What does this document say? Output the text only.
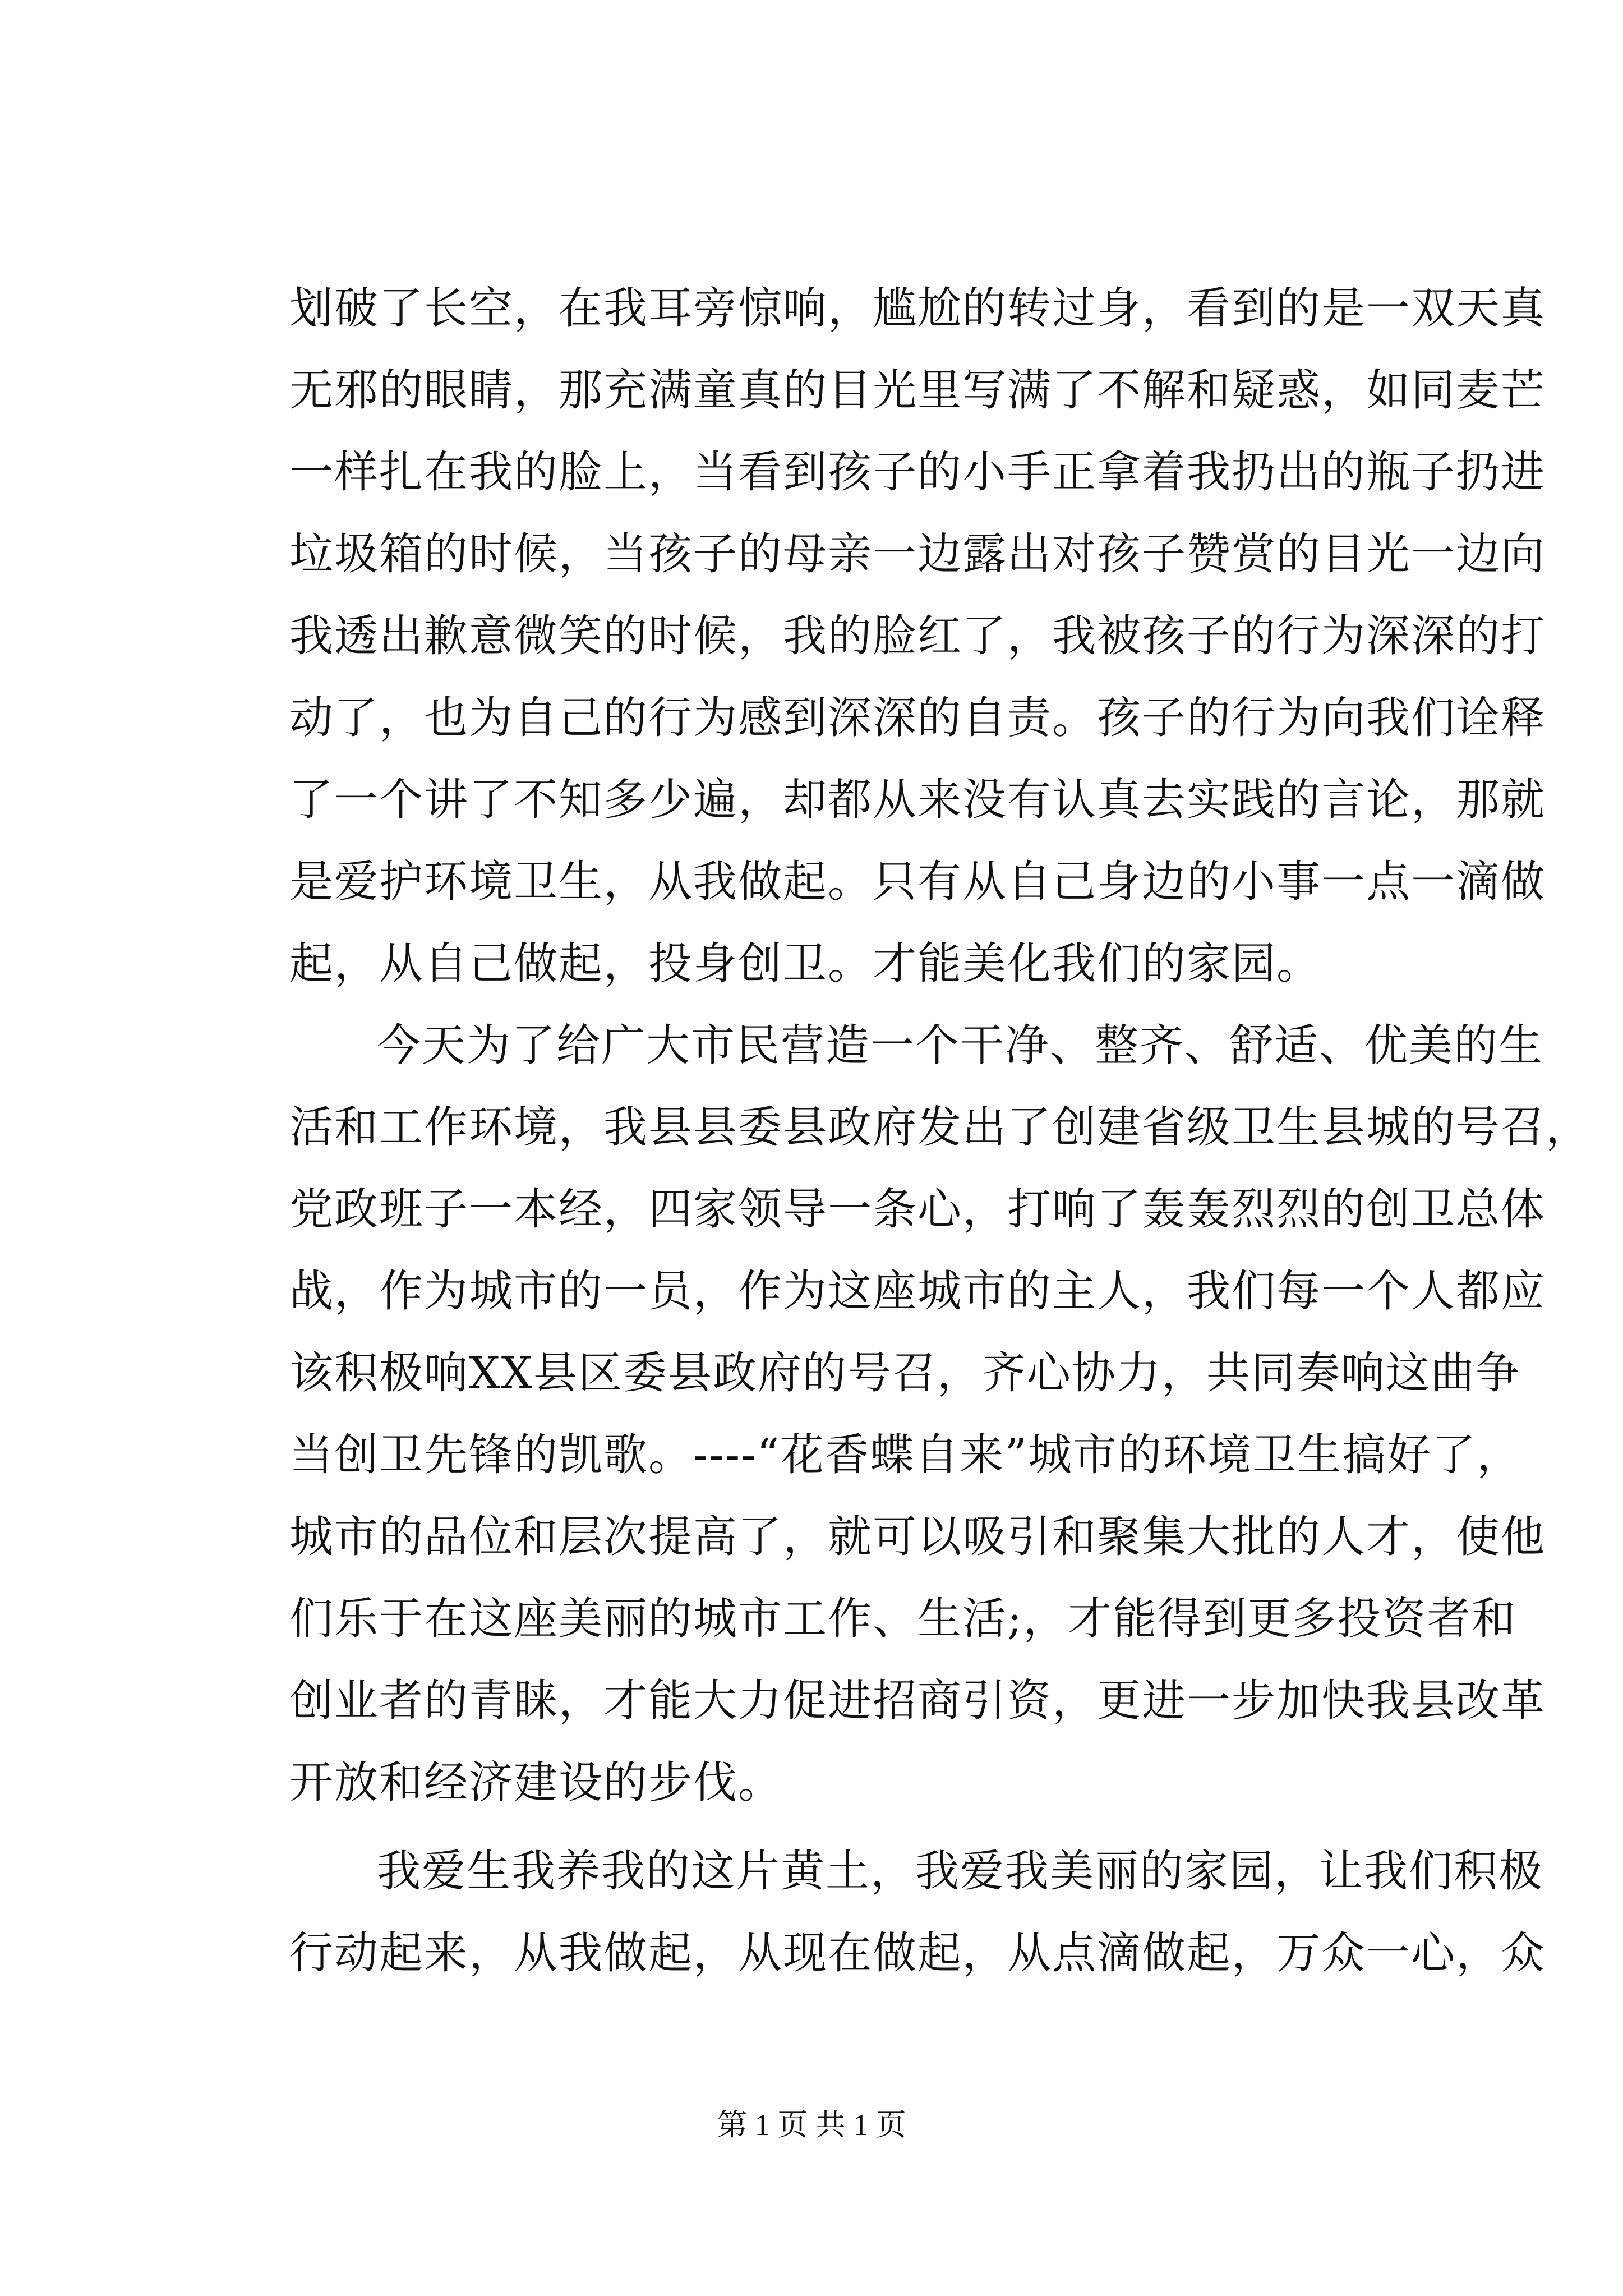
划破了长空，在我耳旁惊响，尴尬的转过身，看到的是一双天真
无邪的眼睛，那充满童真的目光里写满了不解和疑惑，如同麦芒
一样扎在我的脸上，当看到孩子的小手正拿着我扔出的瓶子扔进
垃圾箱的时候，当孩子的母亲一边露出对孩子赞赏的目光一边向
我透出歉意微笑的时候，我的脸红了，我被孩子的行为深深的打
动了，也为自己的行为感到深深的自责。孩子的行为向我们诠释
了一个讲了不知多少遍，却都从来没有认真去实践的言论，那就
是爱护环境卫生，从我做起。只有从自己身边的小事一点一滴做
起，从自己做起，投身创卫。才能美化我们的家园。
今天为了给广大市民营造一个干净、整齐、舒适、优美的生
活和工作环境，我县县委县政府发出了创建省级卫生县城的号召，
党政班子一本经，四家领导一条心，打响了轰轰烈烈的创卫总体
战，作为城市的一员，作为这座城市的主人，我们每一个人都应
该积极响XX县区委县政府的号召，齐心协力，共同奏响这曲争
当创卫先锋的凯歌。----“花香蝶自来”城市的环境卫生搞好了，
城市的品位和层次提高了，就可以吸引和聚集大批的人才，使他
们乐于在这座美丽的城市工作、生活;，才能得到更多投资者和
创业者的青睐，才能大力促进招商引资，更进一步加快我县改革
开放和经济建设的步伐。
我爱生我养我的这片黄土，我爱我美丽的家园，让我们积极
行动起来，从我做起，从现在做起，从点滴做起，万众一心，众
第 1 页 共 1 页
